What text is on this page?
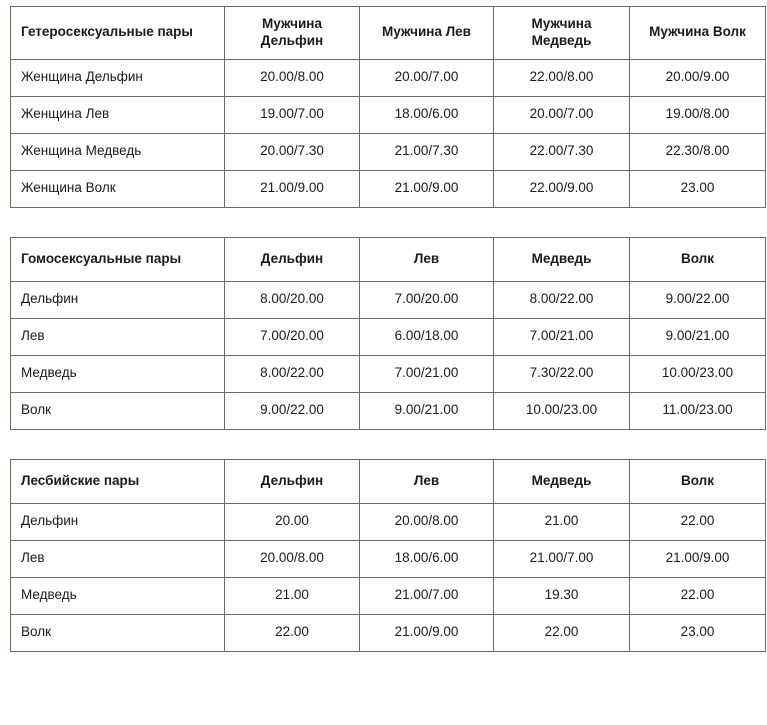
Гетеросексуальные пары	Мужчина Дельфин	Мужчина Лев	Мужчина Медведь	Мужчина Волк
Женщина Дельфин	20.00/8.00	20.00/7.00	22.00/8.00	20.00/9.00
Женщина Лев	19.00/7.00	18.00/6.00	20.00/7.00	19.00/8.00
Женщина Медведь	20.00/7.30	21.00/7.30	22.00/7.30	22.30/8.00
Женщина Волк	21.00/9.00	21.00/9.00	22.00/9.00	23.00
Гомосексуальные пары	Дельфин	Лев	Медведь	Волк
Дельфин	8.00/20.00	7.00/20.00	8.00/22.00	9.00/22.00
Лев	7.00/20.00	6.00/18.00	7.00/21.00	9.00/21.00
Медведь	8.00/22.00	7.00/21.00	7.30/22.00	10.00/23.00
Волк	9.00/22.00	9.00/21.00	10.00/23.00	11.00/23.00
Лесбийские пары	Дельфин	Лев	Медведь	Волк
Дельфин	20.00	20.00/8.00	21.00	22.00
Лев	20.00/8.00	18.00/6.00	21.00/7.00	21.00/9.00
Медведь	21.00	21.00/7.00	19.30	22.00
Волк	22.00	21.00/9.00	22.00	23.00
